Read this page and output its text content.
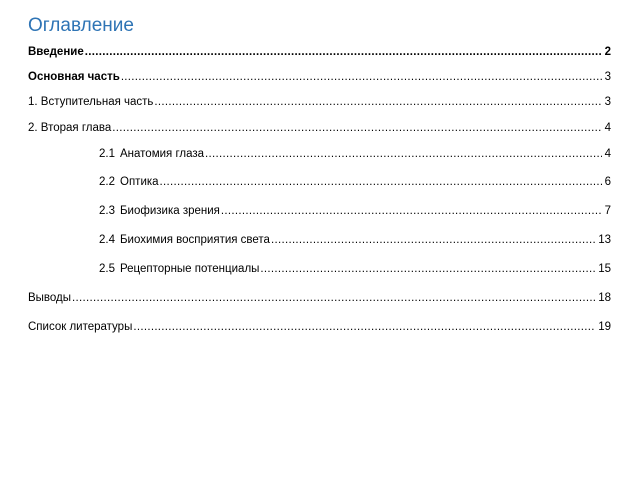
Оглавление
Введение .....	2
Основная часть .....	3
1. Вступительная часть .....	3
2. Вторая глава .....	4
2.1 Анатомия глаза .....	4
2.2 Оптика .....	6
2.3 Биофизика зрения .....	7
2.4 Биохимия восприятия света .....	13
2.5 Рецепторные потенциалы .....	15
Выводы .....	18
Список литературы .....	19
